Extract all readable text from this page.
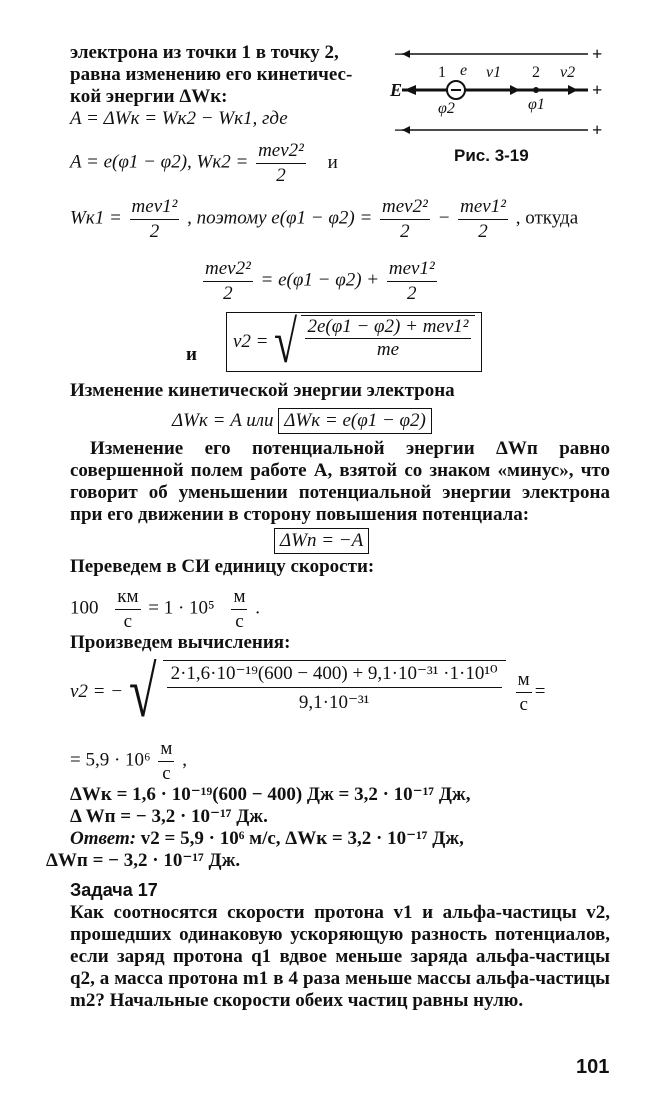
электрона из точки 1 в точку 2,
равна изменению его кинетичес-
кой энергии ΔWк:
A = ΔWк = Wк2 − Wк1, где
−	+
−	+
+
E
1 e v1 2 v2
φ2	φ1
Рис. 3-19
A = e(φ1 − φ2), $Wк2 = \frac{\text{mev2²}}{2}$ и
$Wк1 = \frac{\text{mev1²}}{2}$ , поэтому $e(\varphi 1 - \varphi 2) = \frac{\text{mev2²}}{2} - \frac{\text{mev1²}}{2}$ , откуда
$\frac{\text{mev2²}}{2} = e(\varphi 1 - \varphi 2) + \frac{\text{mev1²}}{2}$
и
v2 = √ 2e(φ1 − φ2) + mev1²
me
Изменение кинетической энергии электрона
ΔWк = A или ΔWк = e(φ1 − φ2)
Изменение его потенциальной энергии ΔWп равно совершенной полем работе A, взятой со знаком «минус», что говорит об уменьшении потенциальной энергии электрона при его движении в сторону повышения потенциала:
ΔWп = −A
Переведем в СИ единицу скорости:
$100 \frac{км}{с} = 1 \cdot 10^5 \frac{м}{с}$ .
Произведем вычисления:
v2 = − √ $\frac{\text{2·1,6·10⁻¹⁹(600 − 400) + 9,1·10⁻³¹ ·1·10¹⁰}}{\text{9,1·10⁻³¹}} \frac{м}{с}$ =
= $5,9 \cdot 10^6 \frac{м}{с}$ ,
ΔWк = 1,6 · 10⁻¹⁹(600 − 400) Дж = 3,2 · 10⁻¹⁷ Дж,
Δ Wп = − 3,2 · 10⁻¹⁷ Дж.
Ответ: v2 = 5,9 · 10⁶ м/с, ΔWк = 3,2 · 10⁻¹⁷ Дж,
ΔWп = − 3,2 · 10⁻¹⁷ Дж.
Задача 17
Как соотносятся скорости протона v1 и альфа-частицы v2, прошедших одинаковую ускоряющую разность потенциалов, если заряд протона q1 вдвое меньше заряда альфа-частицы q2, а масса протона m1 в 4 раза меньше массы альфа-частицы m2? Начальные скорости обеих частиц равны нулю.
101
